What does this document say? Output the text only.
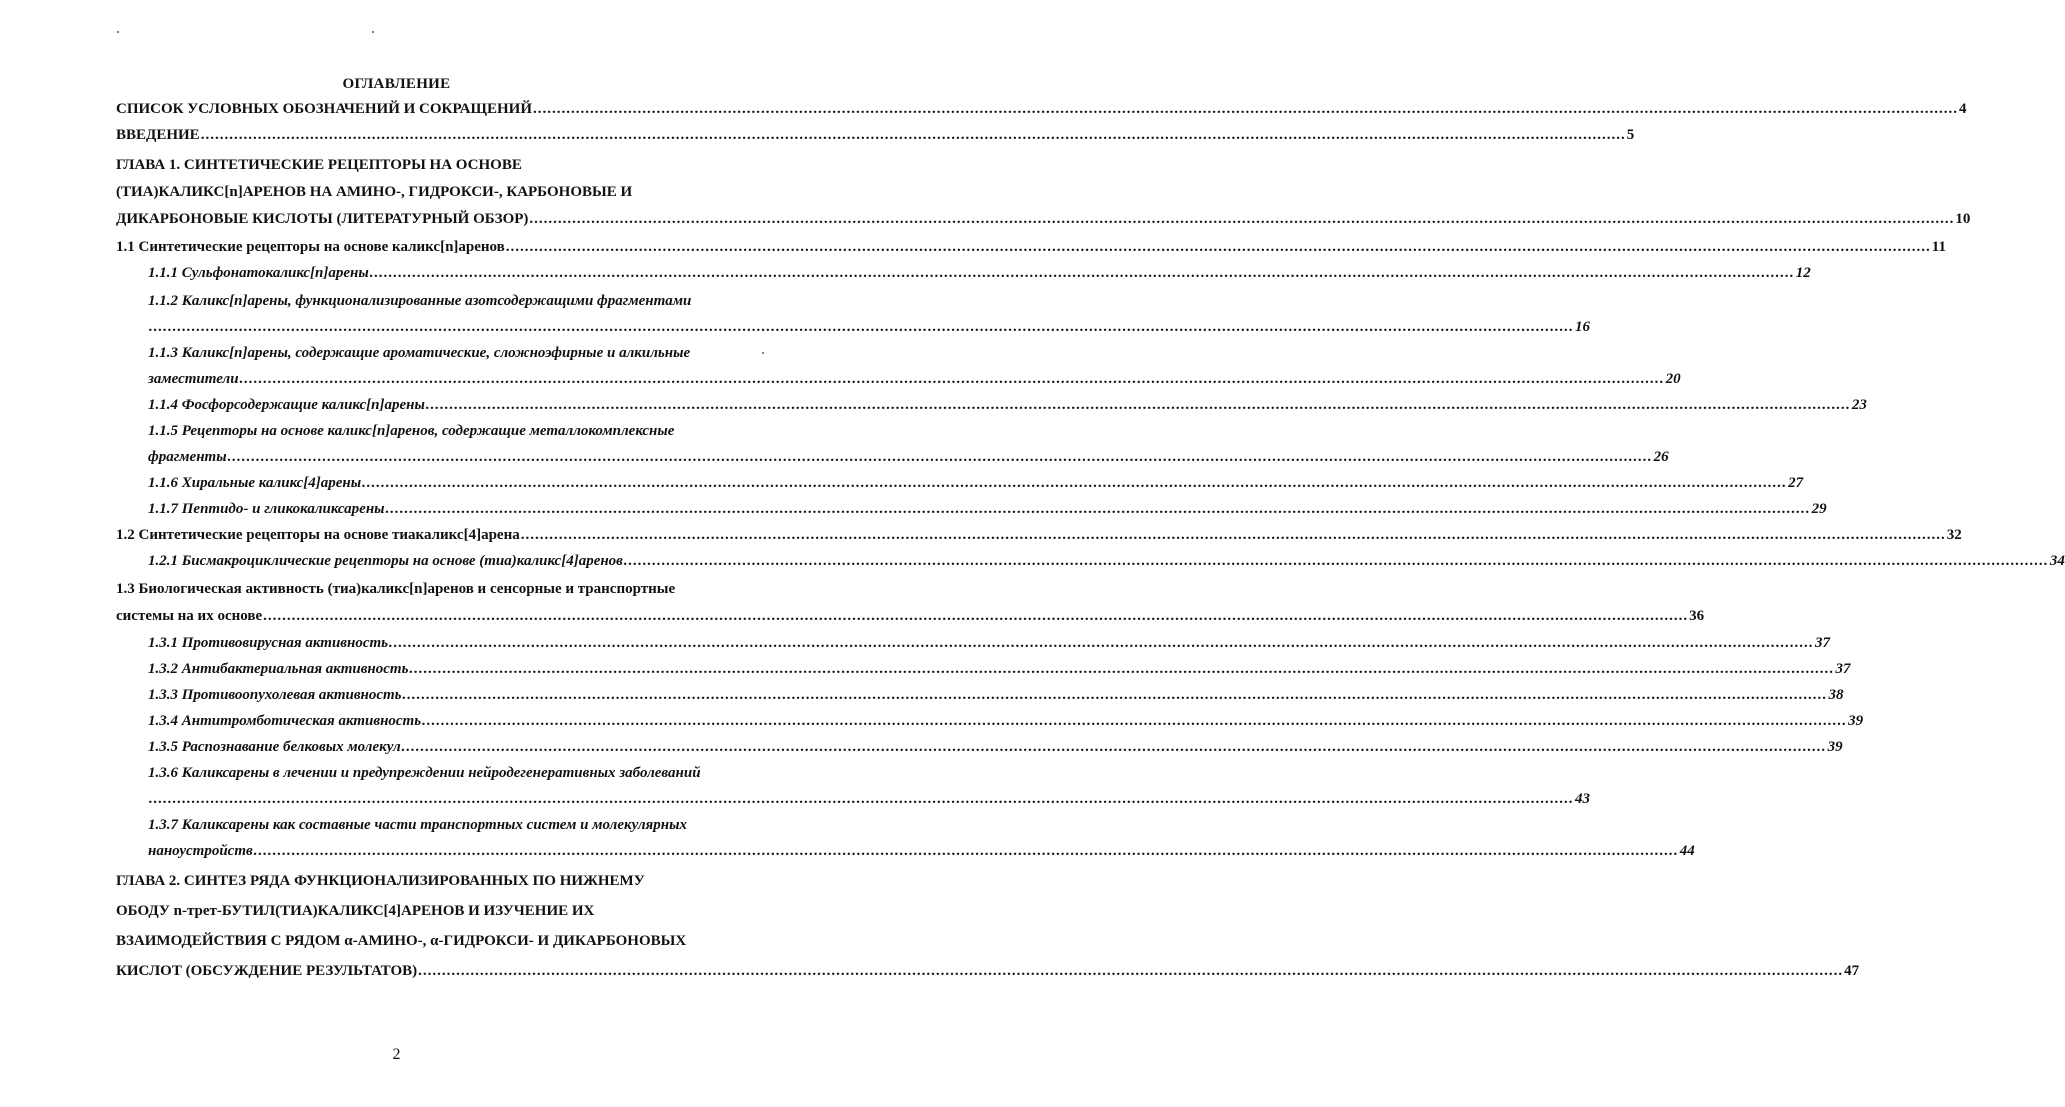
ОГЛАВЛЕНИЕ
СПИСОК УСЛОВНЫХ ОБОЗНАЧЕНИЙ И СОКРАЩЕНИЙ ............................................................................................................................................................................................................................................................................................................ 4
ВВЕДЕНИЕ ............................................................................................................................................................................................................................................................................................................ 5
ГЛАВА 1. СИНТЕТИЧЕСКИЕ РЕЦЕПТОРЫ НА ОСНОВЕ
(ТИА)КАЛИКС[n]АРЕНОВ НА АМИНО-, ГИДРОКСИ-, КАРБОНОВЫЕ И
ДИКАРБОНОВЫЕ КИСЛОТЫ (ЛИТЕРАТУРНЫЙ ОБЗОР) ............................................................................................................................................................................................................................................................................................................ 10
1.1 Синтетические рецепторы на основе каликс[n]аренов ............................................................................................................................................................................................................................................................................................................ 11
1.1.1 Сульфонатокаликс[n]арены ............................................................................................................................................................................................................................................................................................................ 12
1.1.2 Каликс[n]арены, функционализированные азотсодержащими фрагментами
............................................................................................................................................................................................................................................................................................................ 16
1.1.3 Каликс[n]арены, содержащие ароматические, сложноэфирные и алкильные
заместители ............................................................................................................................................................................................................................................................................................................ 20
1.1.4 Фосфорсодержащие каликс[n]арены ............................................................................................................................................................................................................................................................................................................ 23
1.1.5 Рецепторы на основе каликс[n]аренов, содержащие металлокомплексные
фрагменты ............................................................................................................................................................................................................................................................................................................ 26
1.1.6 Хиральные каликс[4]арены ............................................................................................................................................................................................................................................................................................................ 27
1.1.7 Пептидо- и гликокаликсарены ............................................................................................................................................................................................................................................................................................................ 29
1.2 Синтетические рецепторы на основе тиакаликс[4]арена ............................................................................................................................................................................................................................................................................................................ 32
1.2.1 Бисмакроциклические рецепторы на основе (тиа)каликс[4]аренов ............................................................................................................................................................................................................................................................................................................ 34
1.3 Биологическая активность (тиа)каликс[n]аренов и сенсорные и транспортные
системы на их основе ............................................................................................................................................................................................................................................................................................................ 36
1.3.1 Противовирусная активность ............................................................................................................................................................................................................................................................................................................ 37
1.3.2 Антибактериальная активность ............................................................................................................................................................................................................................................................................................................ 37
1.3.3 Противоопухолевая активность ............................................................................................................................................................................................................................................................................................................ 38
1.3.4 Антитромботическая активность ............................................................................................................................................................................................................................................................................................................ 39
1.3.5 Распознавание белковых молекул ............................................................................................................................................................................................................................................................................................................ 39
1.3.6 Каликсарены в лечении и предупреждении нейродегенеративных заболеваний
............................................................................................................................................................................................................................................................................................................ 43
1.3.7 Каликсарены как составные части транспортных систем и молекулярных
наноустройств ............................................................................................................................................................................................................................................................................................................ 44
ГЛАВА 2. СИНТЕЗ РЯДА ФУНКЦИОНАЛИЗИРОВАННЫХ ПО НИЖНЕМУ
ОБОДУ n-трет-БУТИЛ(ТИА)КАЛИКС[4]АРЕНОВ И ИЗУЧЕНИЕ ИХ
ВЗАИМОДЕЙСТВИЯ С РЯДОМ α-АМИНО-, α-ГИДРОКСИ- И ДИКАРБОНОВЫХ
КИСЛОТ (ОБСУЖДЕНИЕ РЕЗУЛЬТАТОВ) ............................................................................................................................................................................................................................................................................................................ 47
2
